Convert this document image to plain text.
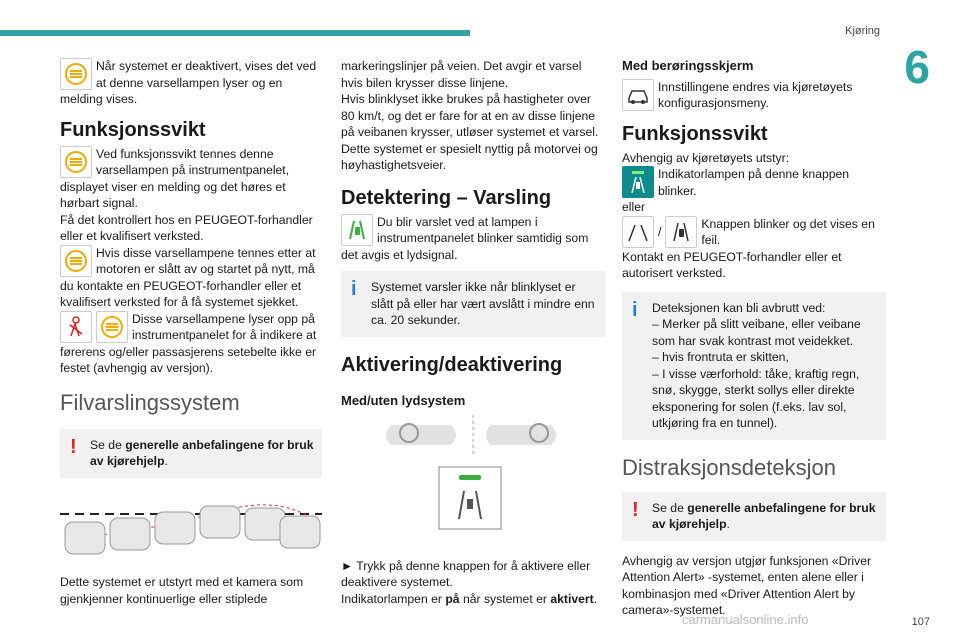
Kjøring
6

Når systemet er deaktivert, vises det ved at denne varsellampen lyser og en melding vises.

Funksjonssvikt

Ved funksjonssvikt tennes denne varsellampen på instrumentpanelet, displayet viser en melding og det høres et hørbart signal.

Få det kontrollert hos en PEUGEOT-forhandler eller et kvalifisert verksted.

Hvis disse varsellampene tennes etter at motoren er slått av og startet på nytt, må du kontakte en PEUGEOT-forhandler eller et kvalifisert verksted for å få systemet sjekket.

Disse varsellampene lyser opp på instrumentpanelet for å indikere at førerens og/eller passasjerens setebelte ikke er festet (avhengig av versjon).

Filvarslingssystem
! Se de generelle anbefalingene for bruk av kjørehjelp.

Dette systemet er utstyrt med et kamera som gjenkjenner kontinuerlige eller stiplede

markeringslinjer på veien. Det avgir et varsel hvis bilen krysser disse linjene.

Hvis blinklyset ikke brukes på hastigheter over 80 km/t, og det er fare for at en av disse linjene på veibanen krysser, utløser systemet et varsel. Dette systemet er spesielt nyttig på motorvei og høyhastighetsveier.

Detektering – Varsling

Du blir varslet ved at lampen i instrumentpanelet blinker samtidig som det avgis et lydsignal.

i Systemet varsler ikke når blinklyset er slått på eller har vært avslått i mindre enn ca. 20 sekunder.

Aktivering/deaktivering
Med/uten lydsystem

► Trykk på denne knappen for å aktivere eller deaktivere systemet.

Indikatorlampen er på når systemet er aktivert.

Med berøringsskjerm

Innstillingene endres via kjøretøyets konfigurasjonsmeny.

Funksjonssvikt

Avhengig av kjøretøyets utstyr:

Indikatorlampen på denne knappen blinker.

eller

/

Knappen blinker og det vises en feil.

Kontakt en PEUGEOT-forhandler eller et autorisert verksted.

i Deteksjonen kan bli avbrutt ved:

– Merker på slitt veibane, eller veibane som har svak kontrast mot veidekket.

– hvis frontruta er skitten,

– I visse værforhold: tåke, kraftig regn, snø, skygge, sterkt sollys eller direkte eksponering for solen (f.eks. lav sol, utkjøring fra en tunnel).

Distraksjonsdeteksjon
! Se de generelle anbefalingene for bruk av kjørehjelp.

Avhengig av versjon utgjør funksjonen «Driver Attention Alert» -systemet, enten alene eller i kombinasjon med «Driver Attention Alert by camera»-systemet.

carmanualsonline.info	107
